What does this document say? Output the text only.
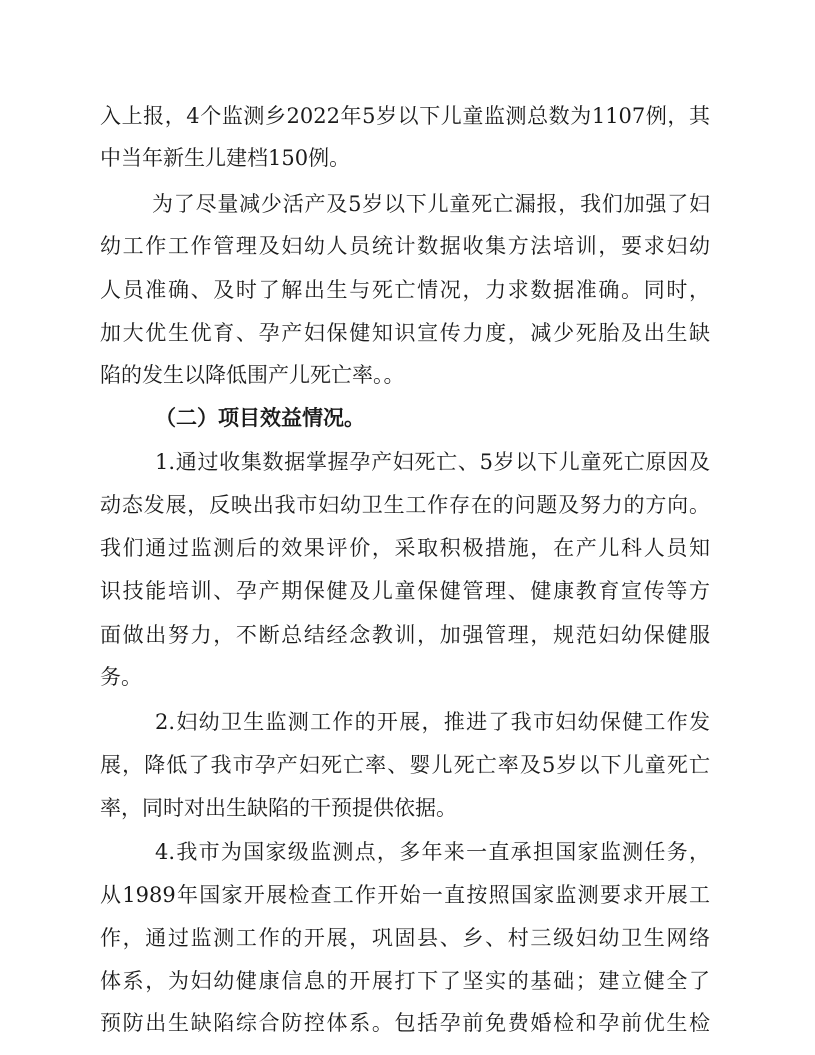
入上报，4个监测乡2022年5岁以下儿童监测总数为1107例，其
中当年新生儿建档150例。
为了尽量减少活产及5岁以下儿童死亡漏报，我们加强了妇
幼工作工作管理及妇幼人员统计数据收集方法培训，要求妇幼
人员准确、及时了解出生与死亡情况，力求数据准确。同时，
加大优生优育、孕产妇保健知识宣传力度，减少死胎及出生缺
陷的发生以降低围产儿死亡率。。
（二）项目效益情况。
1.通过收集数据掌握孕产妇死亡、5岁以下儿童死亡原因及
动态发展，反映出我市妇幼卫生工作存在的问题及努力的方向。
我们通过监测后的效果评价，采取积极措施，在产儿科人员知
识技能培训、孕产期保健及儿童保健管理、健康教育宣传等方
面做出努力，不断总结经念教训，加强管理，规范妇幼保健服
务。
2.妇幼卫生监测工作的开展，推进了我市妇幼保健工作发
展，降低了我市孕产妇死亡率、婴儿死亡率及5岁以下儿童死亡
率，同时对出生缺陷的干预提供依据。
4.我市为国家级监测点，多年来一直承担国家监测任务，
从1989年国家开展检查工作开始一直按照国家监测要求开展工
作，通过监测工作的开展，巩固县、乡、村三级妇幼卫生网络
体系，为妇幼健康信息的开展打下了坚实的基础；建立健全了
预防出生缺陷综合防控体系。包括孕前免费婚检和孕前优生检
